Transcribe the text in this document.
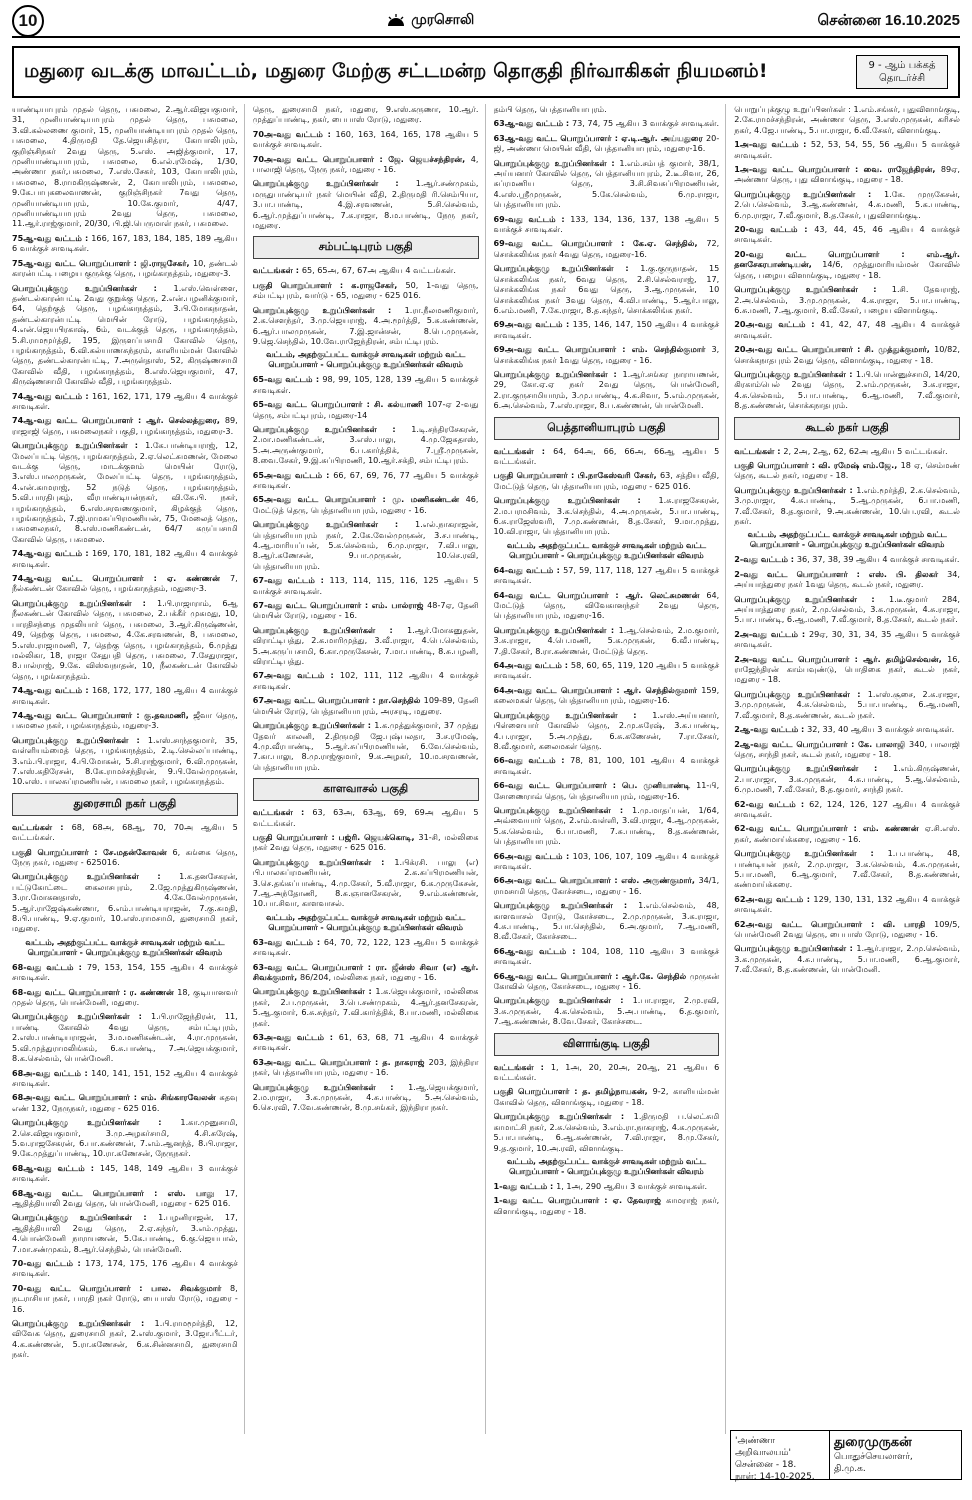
10	முரசொலி	சென்னை 16.10.2025
மதுரை வடக்கு மாவட்டம், மதுரை மேற்கு சட்டமன்ற தொகுதி நிர்வாகிகள் நியமனம்!	9 - ஆம் பக்கத்
தொடர்ச்சி

யாண்டியாபுரம் முதல் தெரு, பசுமலை, 2.ஆர்.விஜயகுமார், 31, முனியாண்டியாபுரம் முதல் தெரு, பசுமலை, 3.வி.கல்லணை குமார், 15, முனியாண்டியாபுரம் முதல் தெரு, பசுமலை, 4.திருமதி தே.ஜெயசித்ரா, கோபாலிபுரம், குறிஞ்சிநகர் 2வது தெரு, 5.எஸ். அஜித்குமார், 17, முனியாண்டியாபுரம், பசுமலை, 6.எல்.ரமேஷ், 1/30, அண்ணா நகர்,பசுமலை, 7.எஸ்.சேகர், 103, கோபாலிபுரம், பசுமலை, 8.ராமகிருஷ்ணன், 2, கோபாலிபுரம், பசுமலை, 9.கே.பாபுகலைவாணன், குறிஞ்சிநகர் 7வது தெரு, முனியாண்டியாபுரம், 10.கே.குமார், 4/47, முனியாண்டியாபுரம் 2வது தெரு, பசுமலை, 11.ஆர்.ராஜ்குமார், 20/30, பி.ஜி.பெருமாள் நகர், பசுமலை.

75ஆ-வது வட்டம் : 166, 167, 183, 184, 185, 189 ஆகிய 6 வாக்குச் சாவடிகள்.

75ஆ-வது வட்ட பொறுப்பாளர் : ஜி.ராஜசேகர், 10, தண்டல் காரன்பட்டி பழைய குருக்கு தெரு, பழங்காநத்தம், மதுரை-3.

பொறுப்புக்குழு உறுப்பினர்கள் : 1.எஸ்.வெள்ளை, தண்டல்காரன்பட்டி 2வது குறுக்கு தெரு, 2.என்.பழனிக்குமார், 64, தெற்குத் தெரு, பழங்காநத்தம், 3.பி.மோகநாதன், தண்டல்காரன்பட்டி மெயின் ரோடு, பழங்காநத்தம், 4.என்.ஜெயபிரகாஷ், 6ம், வடக்குத் தெரு, பழங்காநத்தம், 5.சி.ராமமூர்த்தி, 195, இருளப்பசாமி கோவில் தெரு, பழங்காநத்தம், 6.வி.கல்யாணசுந்தரம், காளியம்மன் கோவில் தெரு, தண்டல்காரன்பட்டி, 7.அருள்தாஸ், 52, கிருஷ்ணசாமி கோவில் வீதி, பழங்காநத்தம், 8.எஸ்.ஜெயகுமார், 47, கிருஷ்ணசாமி கோவில் வீதி, பழங்காநத்தம்.

74ஆ-வது வட்டம் : 161, 162, 171, 179 ஆகிய 4 வாக்குச் சாவடிகள்.

74ஆ-வது வட்ட பொறுப்பாளர் : ஆர். செல்லத்துரை, 89, ராஜாஜி தெரு, பசுமலைநகர் பகுதி, பழங்காநத்தம், மதுரை-3.

பொறுப்புக்குழு உறுப்பினர்கள் : 1.கே.பாண்டியராஜ், 12, மேலப்பட்டி தெரு, பழங்காநத்தம், 2.ஏ.லெட்சுமணன், மேலை வடக்கு தெரு, மாடக்குளம் மெயின் ரோடு, 3.எஸ்.பாலமுருகன், மேலப்பட்டி தெரு, பழங்காநத்தம், 4.என்.காமராஜ், 52 நடுத் தெரு, பழங்காநத்தம், 5.வி.பாரதிபுகழ், வீரபாண்டியன்நகர், வி.கே.பி. நகர், பழங்காநத்தம், 6.எஸ்.சரவணகுமார், கிழக்குத் தெரு, பழங்காநத்தம், 7.ஜி.ராமசுப்பிரமணியன், 75, மேலைத் தெரு, பசுமலைநகர், 8.எஸ்.மணிகண்டன், 64/7 கருப்பசாமி கோவில் தெரு, பசுமலை.

74ஆ-வது வட்டம் : 169, 170, 181, 182 ஆகிய 4 வாக்குச் சாவடிகள்.

74ஆ-வது வட்ட பொறுப்பாளர் : ஏ. கண்ணன் 7, நீல்கண்டன் கோவில் தெரு, பழங்காநத்தம், மதுரை-3.

பொறுப்புக்குழு உறுப்பினர்கள் : 1.பி.ராஜாராம், 6ஆ நீலகண்டன் கோவில் தெரு, பசுமலை, 2.பக்கீர் முகமது, 10, பாரதிசந்தை முதலியார் தெரு, பசுமலை, 3.ஆர்.கிருஷ்ணன், 49, தெற்கு தெரு, பசுமலை, 4.கே.சரவணன், 8, பசுமலை, 5.எஸ்.ராஜாமணி, 7, தெற்கு தெரு, பழங்காநத்தம், 6.முத்து மல்லிகா, 18, ராஜா சேதுபதி தெரு, பசுமலை, 7.சேதுராஜா, 8.பால்ராஜ், 9.கே. விஸ்வநாதன், 10, நீலகண்டன் கோவில் தெரு, பழங்காநத்தம்.

74ஆ-வது வட்டம் : 168, 172, 177, 180 ஆகிய 4 வாக்குச் சாவடிகள்.

74ஆ-வது வட்ட பொறுப்பாளர் : கு.தவமணி, ஜீவா தெரு, பசுமலை நகர், பழங்காநத்தம், மதுரை-3.

பொறுப்புக்குழு உறுப்பினர்கள் : 1.எஸ்.சாந்தகுமார், 35, வள்ளியம்மைத் தெரு, பழங்காநத்தம், 2.டி.செல்லப்பாண்டி, 3.எம்.பி.ராஜா, 4.பி.மோகன், 5.சி.ராஜ்குமார், 6.வி.முருகன், 7.எஸ்.கதிரேசன், 8.கே.ராமச்சந்திரன், 9.பி.வேல்முருகன், 10.எஸ். பாலசுப்ரமணியன், பசுமலை நகர், பழங்காநத்தம்.

துரைசாமி நகர் பகுதி

வட்டங்கள் : 68, 68அ, 68ஆ, 70, 70அ ஆகிய 5 வட்டங்கள்.

பகுதி பொறுப்பாளர் : சே.மதன்கோவன் 6, கங்கை தெரு, நேரு நகர், மதுரை - 625016.

பொறுப்புக்குழு உறுப்பினர்கள் : 1.க.தனசேகரன், பட்டுகோட்டை கைலாசபுரம், 2.ஜே.முத்துகிருஷ்ணன், 3.ரா.மோகனதாஸ், 4.கே.வேல்முருகன், 5.ஆர்.ராஜேஷ்கண்ணா, 6.எம்.பாண்டியராஜன், 7.கு.சுமதி, 8.பி.பாண்டி, 9.ஏ.குமார், 10.எஸ்.ராமசாமி, துரைசாமி நகர், மதுரை.

வட்டம், அதற்குட்பட்ட வாக்குச் சாவடிகள் மற்றும் வட்ட பொறுப்பாளர் - பொறுப்புக்குழு உறுப்பினர்கள் விவரம்

68-வது வட்டம் : 79, 153, 154, 155 ஆகிய 4 வாக்குச் சாவடிகள்.

68-வது வட்ட பொறுப்பாளர் : ர. கண்ணன் 18, குடியானவர் முதல் தெரு, பொன்மேனி, மதுரை.

பொறுப்புக்குழு உறுப்பினர்கள் : 1.பி.ராஜேந்திரன், 11, பாண்டி கோவில் 4வது தெரு, சம்பட்டிபுரம், 2.எஸ்.பாண்டியராஜன், 3.ம.மணிகண்டன், 4.ரா.முருகன், 5.வி.முத்துராமலிங்கம், 6.சு.பாண்டி, 7.அ.ஜெயக்குமார், 8.க.செல்வம், பொன்மேனி.

68அ-வது வட்டம் : 140, 141, 151, 152 ஆகிய 4 வாக்குச் சாவடிகள்.

68அ-வது வட்ட பொறுப்பாளர் : எம். சிங்காரவேலன் கதவு எண் 132, நேருநகர், மதுரை - 625 016.

பொறுப்புக்குழு உறுப்பினர்கள் : 1.கா.முனுசாமி, 2.செ.விஜயகுமார், 3.மு.அழகர்சாமி, 4.சி.சுரேஷ், 5.வ.ராஜசேகரன், 6.பா.கண்ணன், 7.எம்.ஆனந்த், 8.பி.ராஜா, 9.கே.முத்துப்பாண்டி, 10.ரா.கணேசன், நேருநகர்.

68ஆ-வது வட்டம் : 145, 148, 149 ஆகிய 3 வாக்குச் சாவடிகள்.

68ஆ-வது வட்ட பொறுப்பாளர் : எஸ். பாலு 17, ஆதித்தியாலி 2வது தெரு, பொன்மேனி, மதுரை - 625 016.

பொறுப்புக்குழு உறுப்பினர்கள் : 1.பழனிராஜன், 17, ஆதித்தியாலி 2வது தெரு, 2.ஏ.சுந்தர், 3.எம்.முத்து, 4.பொன்மேனி நாராயணன், 5.கே.பாண்டி, 6.கு.ஜெயபால், 7.மா.சண்முகம், 8.ஆர்.செந்தில், பொன்மேனி.

70-வது வட்டம் : 173, 174, 175, 176 ஆகிய 4 வாக்குச் சாவடிகள்.

70-வது வட்ட பொறுப்பாளர் : பால. சிவக்குமார் 8, நடராசியா நகர், பாரதி நகர் ரோடு, பைபாஸ் ரோடு, மதுரை - 16.

பொறுப்புக்குழு உறுப்பினர்கள் : 1.பி.ராமமூர்த்தி, 12, விவேக தெரு, துரைசாமி நகர், 2.எஸ்.குமார், 3.ஜோ.பீட்டர், 4.க.கண்ணன், 5.ரா.கணேசன், 6.க.சின்னசாமி, துரைசாமி நகர்.

தெரு, துரைசாமி நகர், மதுரை, 9.எஸ்.கருணா, 10.ஆர். முத்துப்பாண்டி, நகர், பைபாஸ் ரோடு, மதுரை.

70அ-வது வட்டம் : 160, 163, 164, 165, 178 ஆகிய 5 வாக்குச் சாவடிகள்.

70அ-வது வட்ட பொறுப்பாளர் : ஜே. ஜெயச்சந்திரன், 4, பாலாஜி தெரு, நேரு நகர், மதுரை - 16.

பொறுப்புக்குழு உறுப்பினர்கள் : 1.ஆர்.சண்முகம், மருதுபாண்டியர் நகர் மெயின் வீதி, 2.திருமதி ரி.செம்பியா, 3.பா.பாண்டி, 4.இ.சரவணன், 5.சி.செல்வம், 6.ஆர்.முத்துப்பாண்டி, 7.க.ராஜா, 8.ம.பாண்டி, நேரு நகர், மதுரை.

சம்பட்டிபுரம் பகுதி

வட்டங்கள் : 65, 65அ, 67, 67அ ஆகிய 4 வட்டங்கள்.

பகுதி பொறுப்பாளர் : க.ராஜசேகர், 50, 1-வது தெரு, சம்பட்டிபுரம், வார்டு - 65, மதுரை - 625 016.

பொறுப்புக்குழு உறுப்பினர்கள் : 1.ரா.நீலமணிகுமார், 2.க.சௌந்தர், 3.மு.ஜெயராஜ், 4.அ.மூர்த்தி, 5.சு.கண்ணன், 6.ஆர்.பாலமுருகன், 7.இ.ஜான்சன், 8.பெ.முருகன், 9.ஜெ.செந்தில், 10.வே.ராஜேந்திரன், சம்பட்டிபுரம்.

வட்டம், அதற்குட்பட்ட வாக்குச் சாவடிகள் மற்றும் வட்ட பொறுப்பாளர் - பொறுப்புக்குழு உறுப்பினர்கள் விவரம்

65-வது வட்டம் : 98, 99, 105, 128, 139 ஆகிய 5 வாக்குச் சாவடிகள்.

65-வது வட்ட பொறுப்பாளர் : சி. கல்யாணி 107-ஏ 2-வது தெரு, சம்பட்டிபுரம், மதுரை-14

பொறுப்புக்குழு உறுப்பினர்கள் : 1.டி.சந்திரசேகரன், 2.மா.மணிகண்டன், 3.எஸ்.பாலு, 4.மு.ஜேசுதாஸ், 5.அ.அருண்குமார், 6.ப.கார்த்திக், 7.ஸ்ரீ.முருகன், 8.வை.சேகர், 9.இ.சுப்பிரமணி, 10.ஆர்.சக்தி, சம்பட்டிபுரம்.

65அ-வது வட்டம் : 66, 67, 69, 76, 77 ஆகிய 5 வாக்குச் சாவடிகள்.

65அ-வது வட்ட பொறுப்பாளர் : மு. மணிகண்டன் 46, மேட்டுத் தெரு, பெத்தானியாபுரம், மதுரை - 16.

பொறுப்புக்குழு உறுப்பினர்கள் : 1.எல்.நாகராஜன், பெத்தானியாபுரம் நகர், 2.கே.வேல்முருகன், 3.ச.பாண்டி, 4.ஆ.மாரியப்பன், 5.க.செல்வம், 6.மு.ராஜா, 7.வி.பாலு, 8.ஆர்.கணேசன், 9.பா.முருகன், 10.செ.ரவி, பெத்தானியாபுரம்.

67-வது வட்டம் : 113, 114, 115, 116, 125 ஆகிய 5 வாக்குச் சாவடிகள்.

67-வது வட்ட பொறுப்பாளர் : எம். பால்ராஜ் 48-7ஏ, தேனி மெயின் ரோடு, மதுரை - 16.

பொறுப்புக்குழு உறுப்பினர்கள் : 1.ஆர்.மோகனுதன், விராட்டிபத்து, 2.க.மாரிமுத்து, 3.வீ.ராஜா, 4.பெ.செல்வம், 5.அ.கருப்பசாமி, 6.கா.முருகேசன், 7.மா.பாண்டி, 8.சு.பழனி, விராட்டிபத்து.

67அ-வது வட்டம் : 102, 111, 112 ஆகிய 4 வாக்குச் சாவடிகள்.

67அ-வது வட்ட பொறுப்பாளர் : நா.செந்தில் 109-89, தேனி மெயின் ரோடு, பெத்தானியாபுரம், அரசரடி, மதுரை.

பொறுப்புக்குழு உறுப்பினர்கள் : 1.க.முத்துக்குமார், 37 முத்து தேவர் காலனி, 2.திருமதி ஜே.புஷ்பலதா, 3.ச.ரமேஷ், 4.மு.வீரபாண்டி, 5.ஆர்.சுப்பிரமணியன், 6.வே.செல்வம், 7.கா.பாலு, 8.மு.ராஜ்குமார், 9.க.அழகர், 10.ம.சரவணன், பெத்தானியாபுரம்.

காளவாசல் பகுதி

வட்டங்கள் : 63, 63அ, 63ஆ, 69, 69அ ஆகிய 5 வட்டங்கள்.

பகுதி பொறுப்பாளர் : பஜ்ரி. ஜெயக்கொடி, 31-சி, மல்லிகை நகர் 2வது தெரு, மதுரை - 625 016.

பொறுப்புக்குழு உறுப்பினர்கள் : 1.பிக்ரசி. பாலு (எ) பி.பாலசுப்ரமணியன், 2.க.சுப்பிரமணியன், 3.செ.தங்கப்பாண்டி, 4.மு.சேகர், 5.வீ.ராஜா, 6.க.முருகேசன், 7.ஆ.அந்தோணி, 8.சு.ஞானசேகரன், 9.எம்.கண்ணன், 10.பா.சிவா, காளவாசல்.

வட்டம், அதற்குட்பட்ட வாக்குச் சாவடிகள் மற்றும் வட்ட பொறுப்பாளர் - பொறுப்புக்குழு உறுப்பினர்கள் விவரம்

63-வது வட்டம் : 64, 70, 72, 122, 123 ஆகிய 5 வாக்குச் சாவடிகள்.

63-வது வட்ட பொறுப்பாளர் : ரா. ஜீன்ஸ் சிவா (எ) ஆர். சிவக்குமார், 86/204, மல்லிகை நகர், மதுரை - 16.

பொறுப்புக்குழு உறுப்பினர்கள் : 1.க.ஜெயக்குமார், மல்லிகை நகர், 2.ப.முருகன், 3.பெ.சண்முகம், 4.ஆர்.தனசேகரன், 5.ஆ.குமார், 6.சு.சுந்தர், 7.வி.கார்த்திக், 8.பா.மணி, மல்லிகை நகர்.

63அ-வது வட்டம் : 61, 63, 68, 71 ஆகிய 4 வாக்குச் சாவடிகள்.

63அ-வது வட்ட பொறுப்பாளர் : த. நாகராஜ் 203, இந்திரா நகர், பெத்தானியாபுரம், மதுரை - 16.

பொறுப்புக்குழு உறுப்பினர்கள் : 1.ஆ.ஜெயக்குமார், 2.ம.ராஜா, 3.க.முருகன், 4.சு.பாண்டி, 5.அ.செல்வம், 6.செ.ரவி, 7.வே.கண்ணன், 8.மு.சங்கர், இந்திரா நகர்.

தம்பி தெரு, பெத்தானியாபுரம்.

63ஆ-வது வட்டம் : 73, 74, 75 ஆகிய 3 வாக்குச் சாவடிகள்.

63ஆ-வது வட்ட பொறுப்பாளர் : ஏ.டி.ஆர். அய்யதுரை 20-ஜி, அண்ணா மெயின் வீதி, பெத்தானியாபுரம், மதுரை-16.

பொறுப்புக்குழு உறுப்பினர்கள் : 1.எம்.சம்பத் குமார், 38/1, அய்யனார் கோவில் தெரு, பெத்தானியாபுரம், 2.டீ.சிவா, 26, சுப்ரமணிய தெரு, 3.சி.சிவசுப்பிரமணியன், 4.எஸ்.ஸ்ரீமுருகன், 5.கே.செல்வம், 6.மு.ராஜா, பெத்தானியாபுரம்.

69-வது வட்டம் : 133, 134, 136, 137, 138 ஆகிய 5 வாக்குச் சாவடிகள்.

69-வது வட்ட பொறுப்பாளர் : கே.ஏ. செந்தில், 72, சொக்கலிங்க நகர் 4வது தெரு, மதுரை-16.

பொறுப்புக்குழு உறுப்பினர்கள் : 1.கு.குருநாதன், 15 சொக்கலிங்க நகர், 6வது தெரு, 2.சி.செல்வராஜ், 17, சொக்கலிங்க நகர் 6வது தெரு, 3.ஆ.முருகன், 10 சொக்கலிங்க நகர் 3வது தெரு, 4.வி.பாண்டி, 5.ஆர்.பாலு, 6.எம்.மணி, 7.கே.ராஜா, 8.த.சுந்தர், சொக்கலிங்க நகர்.

69அ-வது வட்டம் : 135, 146, 147, 150 ஆகிய 4 வாக்குச் சாவடிகள்.

69அ-வது வட்ட பொறுப்பாளர் : எம். செந்தில்குமார் 3, சொக்கலிங்க நகர் 1வது தெரு, மதுரை - 16.

பொறுப்புக்குழு உறுப்பினர்கள் : 1.ஆர்.சங்கர நாராயணன், 29, கோ.ஏ.ஏ நகர் 2வது தெரு, பொன்மேனி, 2.ரா.குருசாமியாரம், 3.மு.பாண்டி, 4.க.சிவா, 5.எம்.முருகன், 6.அ.செல்வம், 7.எஸ்.ராஜா, 8.ப.கண்ணன், பொன்மேனி.

பெத்தானியாபுரம் பகுதி

வட்டங்கள் : 64, 64அ, 66, 66அ, 66ஆ ஆகிய 5 வட்டங்கள்.

பகுதி பொறுப்பாளர் : பி.நாகேஸ்வரி சேகர், 63, சத்திய வீதி, மேட்டுத் தெரு, பெத்தானியாபுரம், மதுரை - 625 016.

பொறுப்புக்குழு உறுப்பினர்கள் : 1.சு.ராஜசேகரன், 2.ம.பரமசிவம், 3.க.செந்தில், 4.அ.முருகன், 5.பா.பாண்டி, 6.சு.ராஜேஸ்வரி, 7.மு.கண்ணன், 8.த.சேகர், 9.மா.முத்து, 10.வி.ராஜா, பெத்தானியாபுரம்.

வட்டம், அதற்குட்பட்ட வாக்குச் சாவடிகள் மற்றும் வட்ட பொறுப்பாளர் - பொறுப்புக்குழு உறுப்பினர்கள் விவரம்

64-வது வட்டம் : 57, 59, 117, 118, 127 ஆகிய 5 வாக்குச் சாவடிகள்.

64-வது வட்ட பொறுப்பாளர் : ஆர். லெட்சுமணன் 64, மேட்டுத் தெரு, விவேகானந்தர் 2வது தெரு, பெத்தானியாபுரம், மதுரை-16.

பொறுப்புக்குழு உறுப்பினர்கள் : 1.ஆ.செல்வம், 2.ம.குமார், 3.சு.ராஜா, 4.பெ.மணி, 5.க.முருகன், 6.வீ.பாண்டி, 7.தி.சேகர், 8.ரா.கண்ணன், மேட்டுத் தெரு.

64அ-வது வட்டம் : 58, 60, 65, 119, 120 ஆகிய 5 வாக்குச் சாவடிகள்.

64அ-வது வட்ட பொறுப்பாளர் : ஆர். செந்தில்குமார் 159, கலைமகள் தெரு, பெத்தானியாபுரம், மதுரை-16.

பொறுப்புக்குழு உறுப்பினர்கள் : 1.எஸ்.அய்யனார், பிள்ளையார் கோவில் தெரு, 2.மு.சுரேஷ், 3.க.பாண்டி, 4.ப.ராஜா, 5.அ.முத்து, 6.சு.கணேசன், 7.ரா.சேகர், 8.வீ.குமார், கலைமகள் தெரு.

66-வது வட்டம் : 78, 81, 100, 101 ஆகிய 4 வாக்குச் சாவடிகள்.

66-வது வட்ட பொறுப்பாளர் : பெ. முனியாண்டி 11-பி, சோணைராவ் தெரு, பெத்தானியாபுரம், மதுரை-16.

பொறுப்புக்குழு உறுப்பினர்கள் : 1.மு.மாதப்பன், 1/64, அவ்வையார் தெரு, 2.எம்.வள்ளி, 3.வி.ராஜா, 4.ஆ.முருகன், 5.க.செல்வம், 6.பா.மணி, 7.சு.பாண்டி, 8.த.கண்ணன், பெத்தானியாபுரம்.

66அ-வது வட்டம் : 103, 106, 107, 109 ஆகிய 4 வாக்குச் சாவடிகள்.

66அ-வது வட்ட பொறுப்பாளர் : எஸ். அருண்குமார், 34/1, ராமசாமி தெரு, கோச்சடை, மதுரை - 16.

பொறுப்புக்குழு உறுப்பினர்கள் : 1.எம்.செல்வம், 48, காளவாசல் ரோடு, கோச்சடை, 2.மு.முருகன், 3.க.ராஜா, 4.சு.பாண்டி, 5.பா.செந்தில், 6.அ.குமார், 7.ஆ.மணி, 8.வீ.சேகர், கோச்சடை.

66ஆ-வது வட்டம் : 104, 108, 110 ஆகிய 3 வாக்குச் சாவடிகள்.

66ஆ-வது வட்ட பொறுப்பாளர் : ஆர்.கே. செந்தில் முருகன் கோவில் தெரு, கோச்சடை, மதுரை - 16.

பொறுப்புக்குழு உறுப்பினர்கள் : 1.பா.ராஜா, 2.மு.ரவி, 3.சு.முருகன், 4.க.செல்வம், 5.அ.பாண்டி, 6.த.குமார், 7.ஆ.கண்ணன், 8.வே.சேகர், கோச்சடை.

விளாங்குடி பகுதி

வட்டங்கள் : 1, 1அ, 20, 20அ, 20ஆ, 21 ஆகிய 6 வட்டங்கள்.

பகுதி பொறுப்பாளர் : த. தமிழ்நாயகன், 9-2, காளியம்மன் கோவில் தெரு, விளாங்குடி, மதுரை - 18.

பொறுப்புக்குழு உறுப்பினர்கள் : 1.திருமதி ப.லெட்சுமி காமாட்சி நகர், 2.சு.செல்வம், 3.எம்.ரா.நாகராஜ், 4.க.முருகன், 5.பா.பாண்டி, 6.ஆ.கண்ணன், 7.வி.ராஜா, 8.மு.சேகர், 9.த.குமார், 10.அ.ரவி, விளாங்குடி.

வட்டம், அதற்குட்பட்ட வாக்குச் சாவடிகள் மற்றும் வட்ட பொறுப்பாளர் - பொறுப்புக்குழு உறுப்பினர்கள் விவரம்

1-வது வட்டம் : 1, 1அ, 290 ஆகிய 3 வாக்குச் சாவடிகள்.

1-வது வட்ட பொறுப்பாளர் : ஏ. தேவராஜ் காமராஜ் நகர், விளாங்குடி, மதுரை - 18.

பொறுப்புக்குழு உறுப்பினர்கள் : 1.எம்.சங்கர், புதுவிளாங்குடி, 2.கே.ராமச்சந்திரன், அண்ணா தெரு, 3.எஸ்.முருகன், கரிசல் நகர், 4.ஜே.பாண்டி, 5.பா.ராஜா, 6.வீ.சேகர், விளாங்குடி.

1அ-வது வட்டம் : 52, 53, 54, 55, 56 ஆகிய 5 வாக்குச் சாவடிகள்.

1அ-வது வட்ட பொறுப்பாளர் : வை. ராஜேந்திரன், 89ஏ, அண்ணா தெரு, புது விளாங்குடி, மதுரை - 18.

பொறுப்புக்குழு உறுப்பினர்கள் : 1.கே. முருகேசன், 2.பெ.செல்வம், 3.ஆ.கண்ணன், 4.சு.மணி, 5.க.பாண்டி, 6.மு.ராஜா, 7.வீ.குமார், 8.த.சேகர், புதுவிளாங்குடி.

20-வது வட்டம் : 43, 44, 45, 46 ஆகிய 4 வாக்குச் சாவடிகள்.

20-வது வட்ட பொறுப்பாளர் : எம்.ஆர். தனசேகரபாண்டியன், 14/6, முத்துமாரியம்மன் கோவில் தெரு, பழைய விளாங்குடி, மதுரை - 18.

பொறுப்புக்குழு உறுப்பினர்கள் : 1.சி. தேவராஜ், 2.அ.செல்வம், 3.மு.முருகன், 4.க.ராஜா, 5.பா.பாண்டி, 6.சு.மணி, 7.ஆ.குமார், 8.வீ.சேகர், பழைய விளாங்குடி.

20அ-வது வட்டம் : 41, 42, 47, 48 ஆகிய 4 வாக்குச் சாவடிகள்.

20அ-வது வட்ட பொறுப்பாளர் : சி. முத்துக்குமார், 10/82, சொக்கநாதபுரம் 2வது தெரு, விளாங்குடி, மதுரை - 18.

பொறுப்புக்குழு உறுப்பினர்கள் : 1.பி.பொன்னுச்சாமி, 14/20, கிரகாம்பெல் 2வது தெரு, 2.எம்.முருகன், 3.க.ராஜா, 4.சு.செல்வம், 5.பா.பாண்டி, 6.ஆ.மணி, 7.வீ.குமார், 8.த.கண்ணன், சொக்கநாதபுரம்.

கூடல் நகர் பகுதி

வட்டங்கள் : 2, 2அ, 2ஆ, 62, 62அ ஆகிய 5 வட்டங்கள்.

பகுதி பொறுப்பாளர் : வி. ரமேஷ் எம்.ஜே., 18 ஏ, செம்மண் தெரு, கூடல் நகர், மதுரை - 18.

பொறுப்புக்குழு உறுப்பினர்கள் : 1.எம்.மூர்த்தி, 2.க.செல்வம், 3.மு.ராஜா, 4.சு.பாண்டி, 5.ஆ.முருகன், 6.பா.மணி, 7.வீ.சேகர், 8.த.குமார், 9.அ.கண்ணன், 10.பெ.ரவி, கூடல் நகர்.

வட்டம், அதற்குட்பட்ட வாக்குச் சாவடிகள் மற்றும் வட்ட பொறுப்பாளர் - பொறுப்புக்குழு உறுப்பினர்கள் விவரம்

2-வது வட்டம் : 36, 37, 38, 39 ஆகிய 4 வாக்குச் சாவடிகள்.

2-வது வட்ட பொறுப்பாளர் : எஸ். பி. திலகர் 34, அய்யாத்துரை நகர் 1வது தெரு, கூடல் நகர், மதுரை.

பொறுப்புக்குழு உறுப்பினர்கள் : 1.டீ.குமார் 284, அய்யாத்துரை நகர், 2.மு.செல்வம், 3.க.முருகன், 4.சு.ராஜா, 5.பா.பாண்டி, 6.ஆ.மணி, 7.வீ.குமார், 8.த.சேகர், கூடல் நகர்.

2அ-வது வட்டம் : 29ஏ, 30, 31, 34, 35 ஆகிய 5 வாக்குச் சாவடிகள்.

2அ-வது வட்ட பொறுப்பாளர் : ஆர். தமிழ்செல்வன், 16, ராஜேந்திரன் காம்பவுண்டு, பொதிகை நகர், கூடல் நகர், மதுரை - 18.

பொறுப்புக்குழு உறுப்பினர்கள் : 1.எஸ்.சூசை, 2.க.ராஜா, 3.மு.முருகன், 4.சு.செல்வம், 5.பா.பாண்டி, 6.ஆ.மணி, 7.வீ.குமார், 8.த.கண்ணன், கூடல் நகர்.

2ஆ-வது வட்டம் : 32, 33, 40 ஆகிய 3 வாக்குச் சாவடிகள்.

2ஆ-வது வட்ட பொறுப்பாளர் : கே. பாலாஜி 340, பாலாஜி தெரு, சாந்தி நகர், கூடல் நகர், மதுரை - 18.

பொறுப்புக்குழு உறுப்பினர்கள் : 1.எம்.கிருஷ்ணன், 2.பா.ராஜா, 3.க.முருகன், 4.சு.பாண்டி, 5.ஆ.செல்வம், 6.மு.மணி, 7.வீ.சேகர், 8.த.குமார், சாந்தி நகர்.

62-வது வட்டம் : 62, 124, 126, 127 ஆகிய 4 வாக்குச் சாவடிகள்.

62-வது வட்ட பொறுப்பாளர் : எம். கண்ணன் ஏ.சி.எஸ். நகர், கண்மாய்க்கரை, மதுரை - 16.

பொறுப்புக்குழு உறுப்பினர்கள் : 1.ப.பாண்டி, 48, பாண்டியன் நகர், 2.மு.ராஜா, 3.க.செல்வம், 4.சு.முருகன், 5.பா.மணி, 6.ஆ.குமார், 7.வீ.சேகர், 8.த.கண்ணன், கண்மாய்க்கரை.

62அ-வது வட்டம் : 129, 130, 131, 132 ஆகிய 4 வாக்குச் சாவடிகள்.

62அ-வது வட்ட பொறுப்பாளர் : வி. பாரதி 109/5, பொன்மேனி 2வது தெரு, பைபாஸ் ரோடு, மதுரை - 16.

பொறுப்புக்குழு உறுப்பினர்கள் : 1.ஆர்.ராஜா, 2.மு.செல்வம், 3.க.முருகன், 4.சு.பாண்டி, 5.பா.மணி, 6.ஆ.குமார், 7.வீ.சேகர், 8.த.கண்ணன், பொன்மேனி.

'அண்ணா அறிவாலயம்'
சென்னை - 18.
நாள்: 14-10-2025.
துரைமுருகன்
பொதுச்செயலாளர்,
தி.மு.க.
